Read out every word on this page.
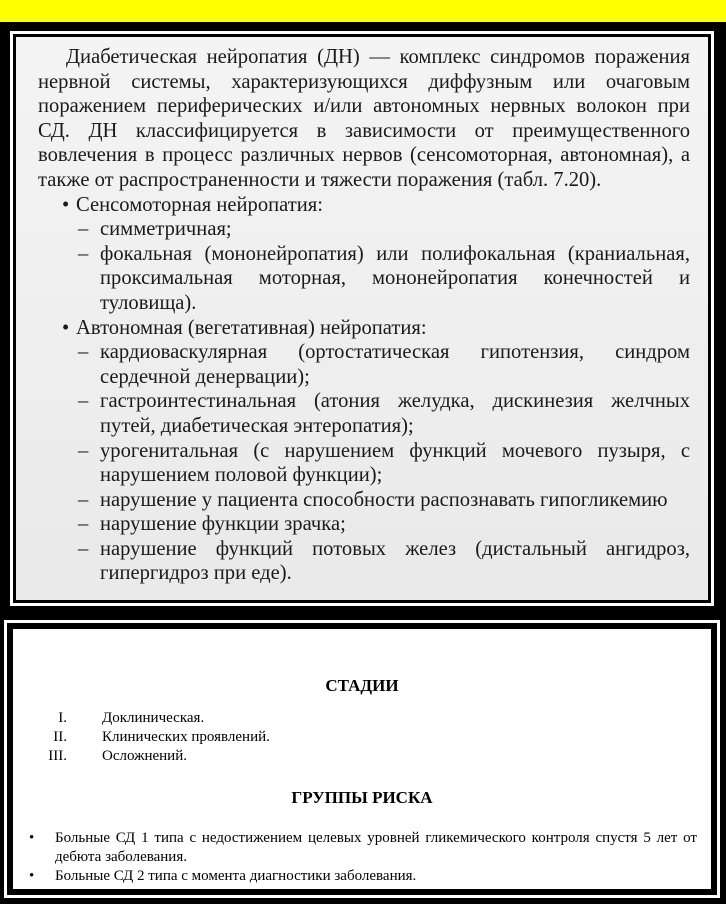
Диабетическая нейропатия (ДН) — комплекс синдромов поражения нервной системы, характеризующихся диффузным или очаговым поражением периферических и/или автономных нервных волокон при СД. ДН классифицируется в зависимости от преимущественного вовлечения в процесс различных нервов (сенсомоторная, автономная), а также от распространенности и тяжести поражения (табл. 7.20).

• Сенсомоторная нейропатия:

– симметричная;

– фокальная (мононейропатия) или полифокальная (краниальная, проксимальная моторная, мононейропатия конечностей и туловища).

• Автономная (вегетативная) нейропатия:

– кардиоваскулярная (ортостатическая гипотензия, синдром сердечной денервации);

– гастроинтестинальная (атония желудка, дискинезия желчных путей, диабетическая энтеропатия);

– урогенитальная (с нарушением функций мочевого пузыря, с нарушением половой функции);

– нарушение у пациента способности распознавать гипогликемию

– нарушение функции зрачка;

– нарушение функций потовых желез (дистальный ангидроз, гипергидроз при еде).

СТАДИИ

I. Доклиническая.
II. Клинических проявлений.
III. Осложнений.

ГРУППЫ РИСКА

• Больные СД 1 типа с недостижением целевых уровней гликемического контроля спустя 5 лет от дебюта заболевания.
• Больные СД 2 типа с момента диагностики заболевания.
